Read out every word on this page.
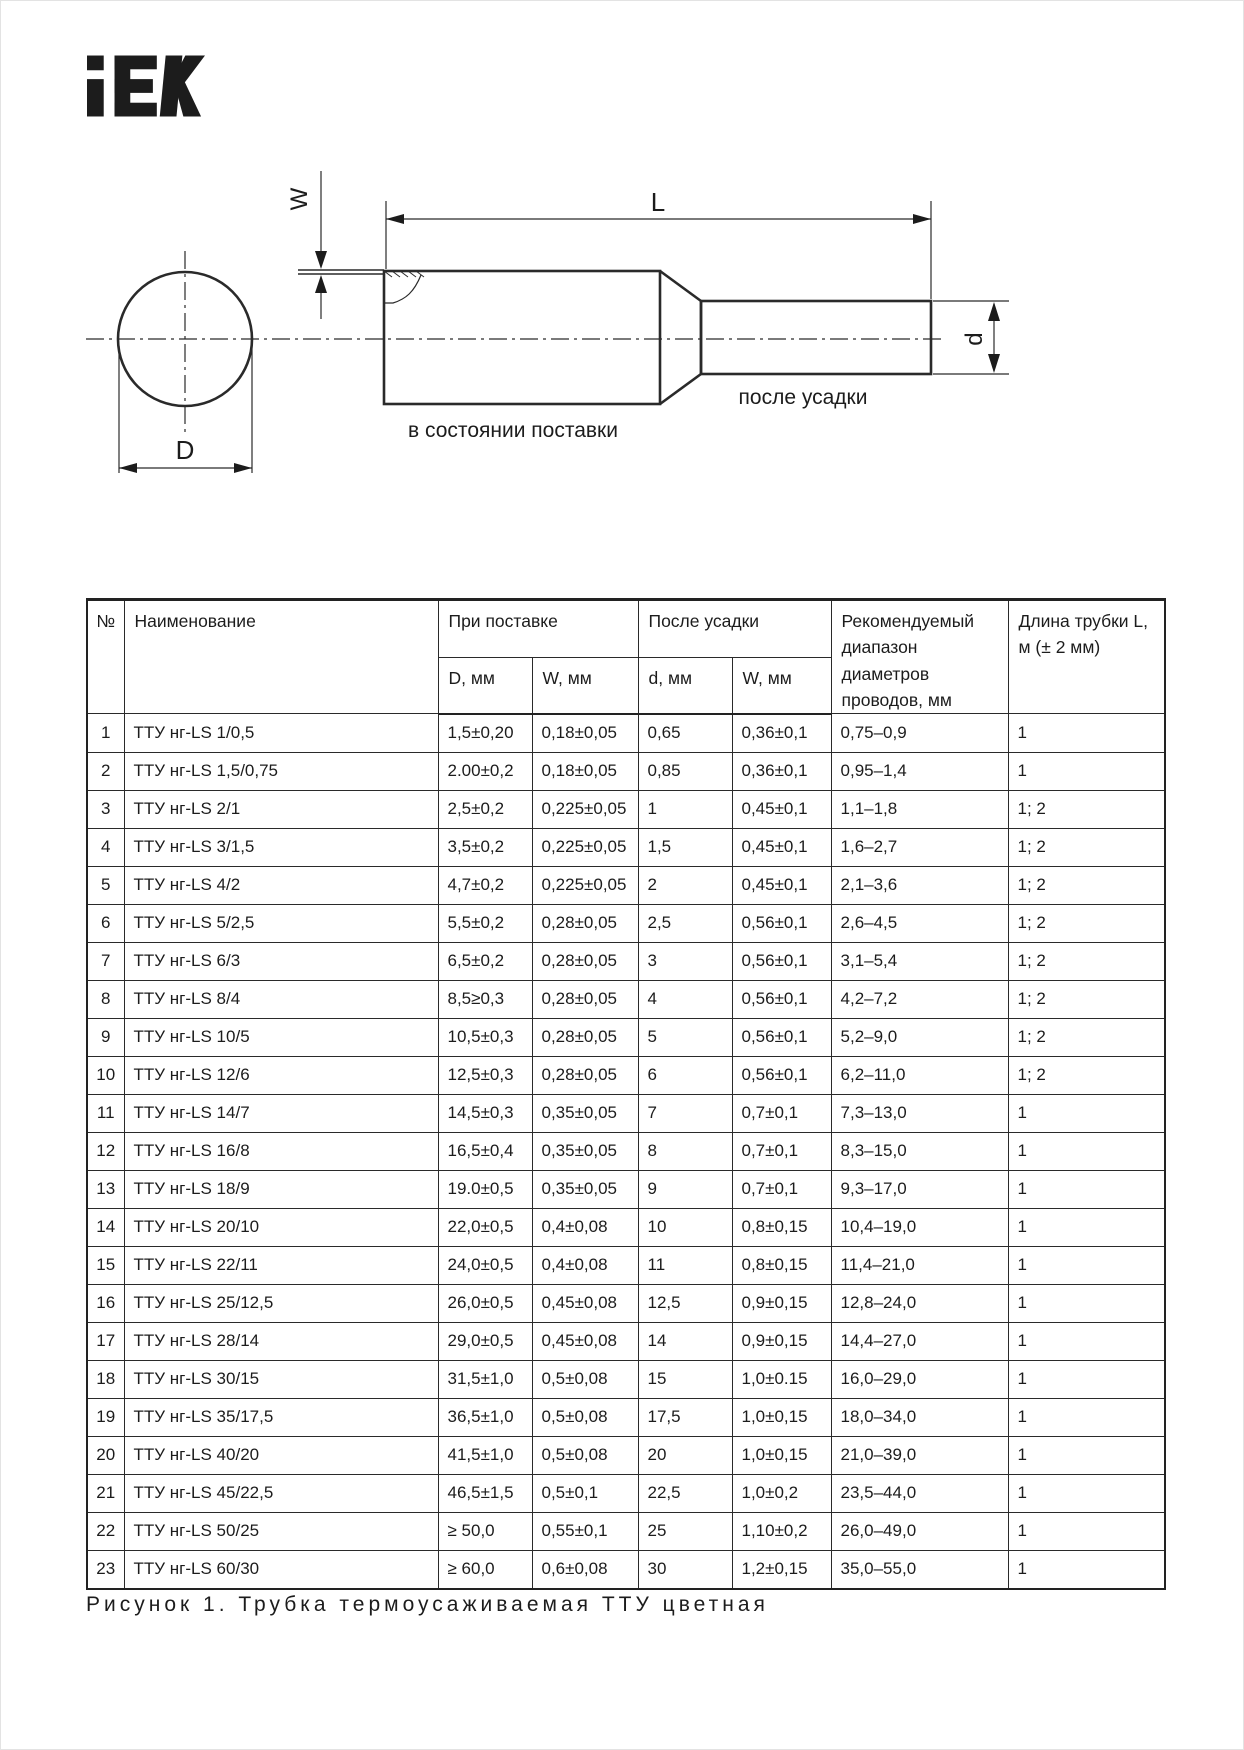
L
D
W
d
в состоянии поставки
после усадки
№	Наименование	При поставке		После усадки		Рекомендуемый диапазон диаметров проводов, мм	Длина трубки L, м (± 2 мм)
		D, мм	W, мм	d, мм	W, мм		
1	ТТУ нг-LS 1/0,5	1,5±0,20	0,18±0,05	0,65	0,36±0,1	0,75–0,9	1
2	ТТУ нг-LS 1,5/0,75	2.00±0,2	0,18±0,05	0,85	0,36±0,1	0,95–1,4	1
3	ТТУ нг-LS 2/1	2,5±0,2	0,225±0,05	1	0,45±0,1	1,1–1,8	1; 2
4	ТТУ нг-LS 3/1,5	3,5±0,2	0,225±0,05	1,5	0,45±0,1	1,6–2,7	1; 2
5	ТТУ нг-LS 4/2	4,7±0,2	0,225±0,05	2	0,45±0,1	2,1–3,6	1; 2
6	ТТУ нг-LS 5/2,5	5,5±0,2	0,28±0,05	2,5	0,56±0,1	2,6–4,5	1; 2
7	ТТУ нг-LS 6/3	6,5±0,2	0,28±0,05	3	0,56±0,1	3,1–5,4	1; 2
8	ТТУ нг-LS 8/4	8,5≥0,3	0,28±0,05	4	0,56±0,1	4,2–7,2	1; 2
9	ТТУ нг-LS 10/5	10,5±0,3	0,28±0,05	5	0,56±0,1	5,2–9,0	1; 2
10	ТТУ нг-LS 12/6	12,5±0,3	0,28±0,05	6	0,56±0,1	6,2–11,0	1; 2
11	ТТУ нг-LS 14/7	14,5±0,3	0,35±0,05	7	0,7±0,1	7,3–13,0	1
12	ТТУ нг-LS 16/8	16,5±0,4	0,35±0,05	8	0,7±0,1	8,3–15,0	1
13	ТТУ нг-LS 18/9	19.0±0,5	0,35±0,05	9	0,7±0,1	9,3–17,0	1
14	ТТУ нг-LS 20/10	22,0±0,5	0,4±0,08	10	0,8±0,15	10,4–19,0	1
15	ТТУ нг-LS 22/11	24,0±0,5	0,4±0,08	11	0,8±0,15	11,4–21,0	1
16	ТТУ нг-LS 25/12,5	26,0±0,5	0,45±0,08	12,5	0,9±0,15	12,8–24,0	1
17	ТТУ нг-LS 28/14	29,0±0,5	0,45±0,08	14	0,9±0,15	14,4–27,0	1
18	ТТУ нг-LS 30/15	31,5±1,0	0,5±0,08	15	1,0±0.15	16,0–29,0	1
19	ТТУ нг-LS 35/17,5	36,5±1,0	0,5±0,08	17,5	1,0±0,15	18,0–34,0	1
20	ТТУ нг-LS 40/20	41,5±1,0	0,5±0,08	20	1,0±0,15	21,0–39,0	1
21	ТТУ нг-LS 45/22,5	46,5±1,5	0,5±0,1	22,5	1,0±0,2	23,5–44,0	1
22	ТТУ нг-LS 50/25	≥ 50,0	0,55±0,1	25	1,10±0,2	26,0–49,0	1
23	ТТУ нг-LS 60/30	≥ 60,0	0,6±0,08	30	1,2±0,15	35,0–55,0	1
Рисунок 1. Трубка термоусаживаемая ТТУ цветная
